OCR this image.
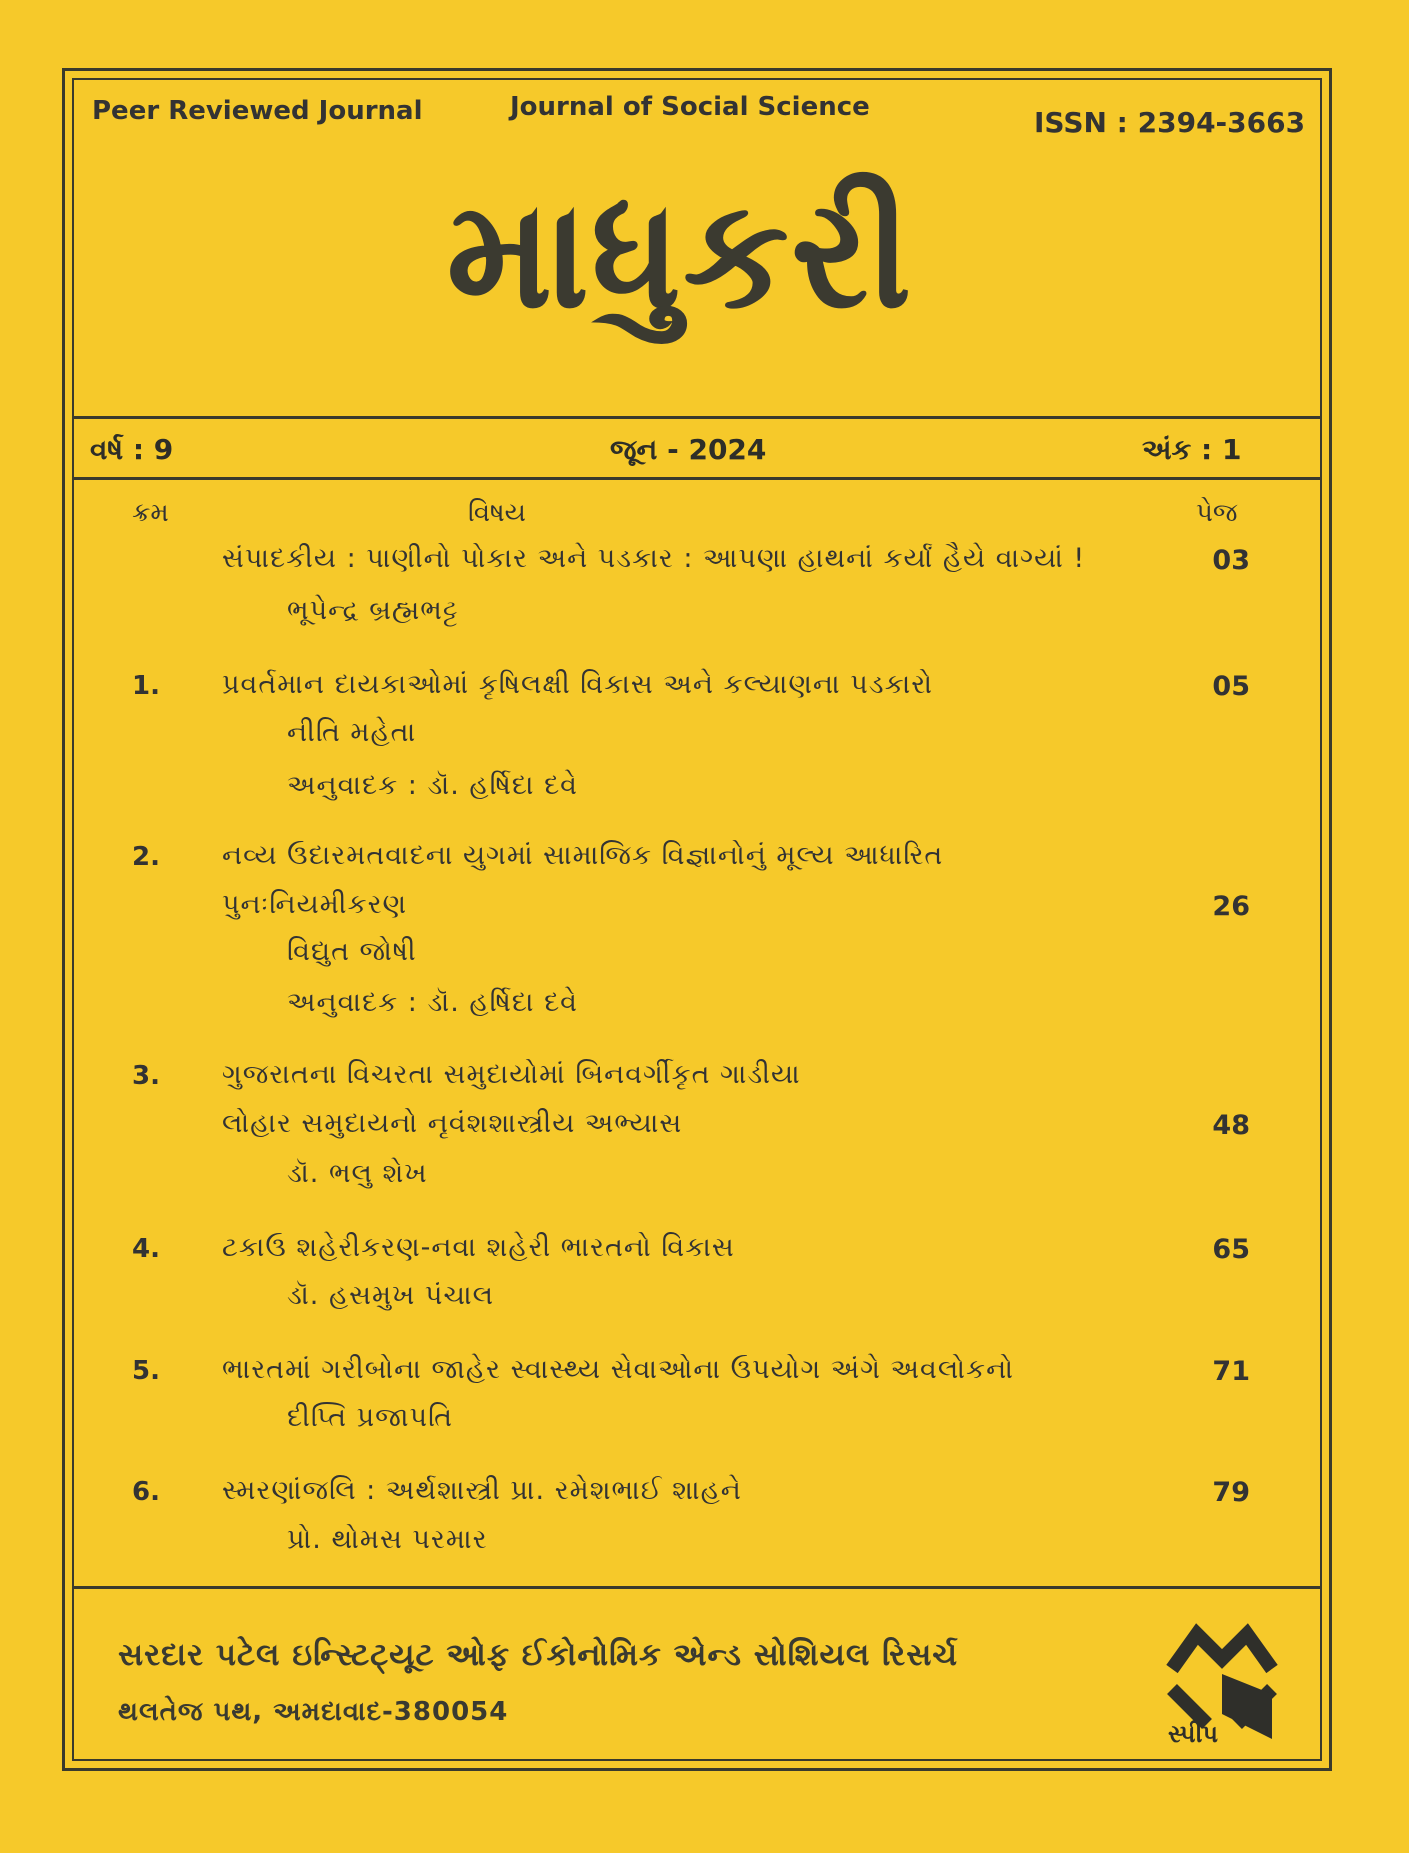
Peer Reviewed Journal	Journal of Social Science	ISSN : 2394-3663
માધુકરી
વર્ષ : 9	જૂન - 2024	અંક : 1
ક્રમ	વિષય	પેજ
સંપાદકીય : પાણીનો પોકાર અને પડકાર : આપણા હાથનાં કર્યાં હૈયે વાગ્યાં !	03
ભૂપેન્દ્ર બ્રહ્મભટ્ટ
1. પ્રવર્તમાન દાયકાઓમાં કૃષિલક્ષી વિકાસ અને કલ્યાણના પડકારો	05
નીતિ મહેતા
અનુવાદક : ડૉ. હર્ષિદા દવે
2. નવ્ય ઉદારમતવાદના યુગમાં સામાજિક વિજ્ઞાનોનું મૂલ્ય આધારિત
પુનઃનિયમીકરણ	26
વિદ્યુત જોષી
અનુવાદક : ડૉ. હર્ષિદા દવે
3. ગુજરાતના વિચરતા સમુદાયોમાં બિનવર્ગીકૃત ગાડીયા
લોહાર સમુદાયનો નૃવંશશાસ્ત્રીય અભ્યાસ	48
ડૉ. ભલુ શેખ
4. ટકાઉ શહેરીકરણ-નવા શહેરી ભારતનો વિકાસ	65
ડૉ. હસમુખ પંચાલ
5. ભારતમાં ગરીબોના જાહેર સ્વાસ્થ્ય સેવાઓના ઉપયોગ અંગે અવલોકનો	71
દીપ્તિ પ્રજાપતિ
6. સ્મરણાંજલિ : અર્થશાસ્ત્રી પ્રા. રમેશભાઈ શાહને	79
પ્રો. થોમસ પરમાર
સરદાર પટેલ ઇન્સ્ટિટ્યૂટ ઓફ ઈકોનોમિક એન્ડ સોશિયલ રિસર્ચ
થલતેજ પથ, અમદાવાદ-380054
સ્પીપ
